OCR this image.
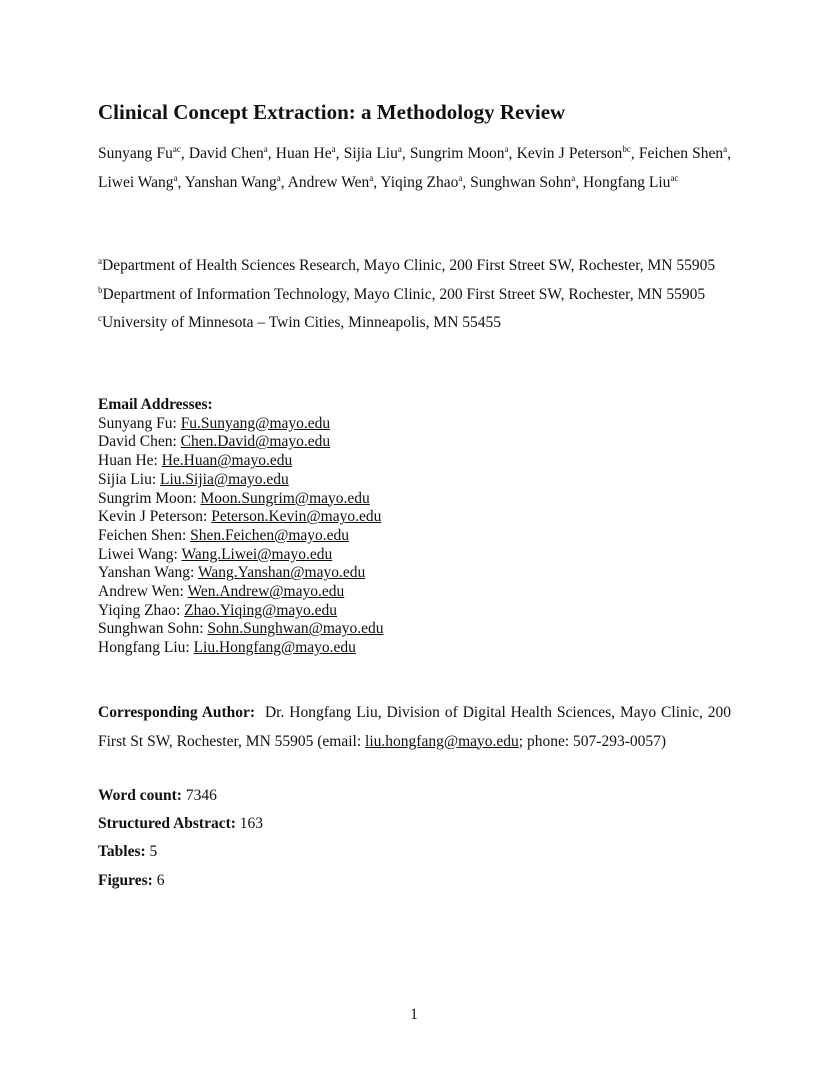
Clinical Concept Extraction: a Methodology Review
Sunyang $Fu^{ac}$, David Chen$^a$, Huan He$^a$, Sijia Liu$^a$, Sungrim Moon$^a$, Kevin J Peterson$^{bc}$, Feichen Shen$^a$, Liwei Wang$^a$, Yanshan Wang$^a$, Andrew Wen$^a$, Yiqing Zhao$^a$, Sunghwan Sohn$^a$, Hongfang Liu$^{ac}$
$^a$Department of Health Sciences Research, Mayo Clinic, 200 First Street SW, Rochester, MN 55905
$^b$Department of Information Technology, Mayo Clinic, 200 First Street SW, Rochester, MN 55905
$^c$University of Minnesota – Twin Cities, Minneapolis, MN 55455
Email Addresses:
Sunyang Fu: Fu.Sunyang@mayo.edu
David Chen: Chen.David@mayo.edu
Huan He: He.Huan@mayo.edu
Sijia Liu: Liu.Sijia@mayo.edu
Sungrim Moon: Moon.Sungrim@mayo.edu
Kevin J Peterson: Peterson.Kevin@mayo.edu
Feichen Shen: Shen.Feichen@mayo.edu
Liwei Wang: Wang.Liwei@mayo.edu
Yanshan Wang: Wang.Yanshan@mayo.edu
Andrew Wen: Wen.Andrew@mayo.edu
Yiqing Zhao: Zhao.Yiqing@mayo.edu
Sunghwan Sohn: Sohn.Sunghwan@mayo.edu
Hongfang Liu: Liu.Hongfang@mayo.edu
Corresponding Author: Dr. Hongfang Liu, Division of Digital Health Sciences, Mayo Clinic, 200 First St SW, Rochester, MN 55905 (email: liu.hongfang@mayo.edu; phone: 507-293-0057)
Word count: 7346
Structured Abstract: 163
Tables: 5
Figures: 6
1
